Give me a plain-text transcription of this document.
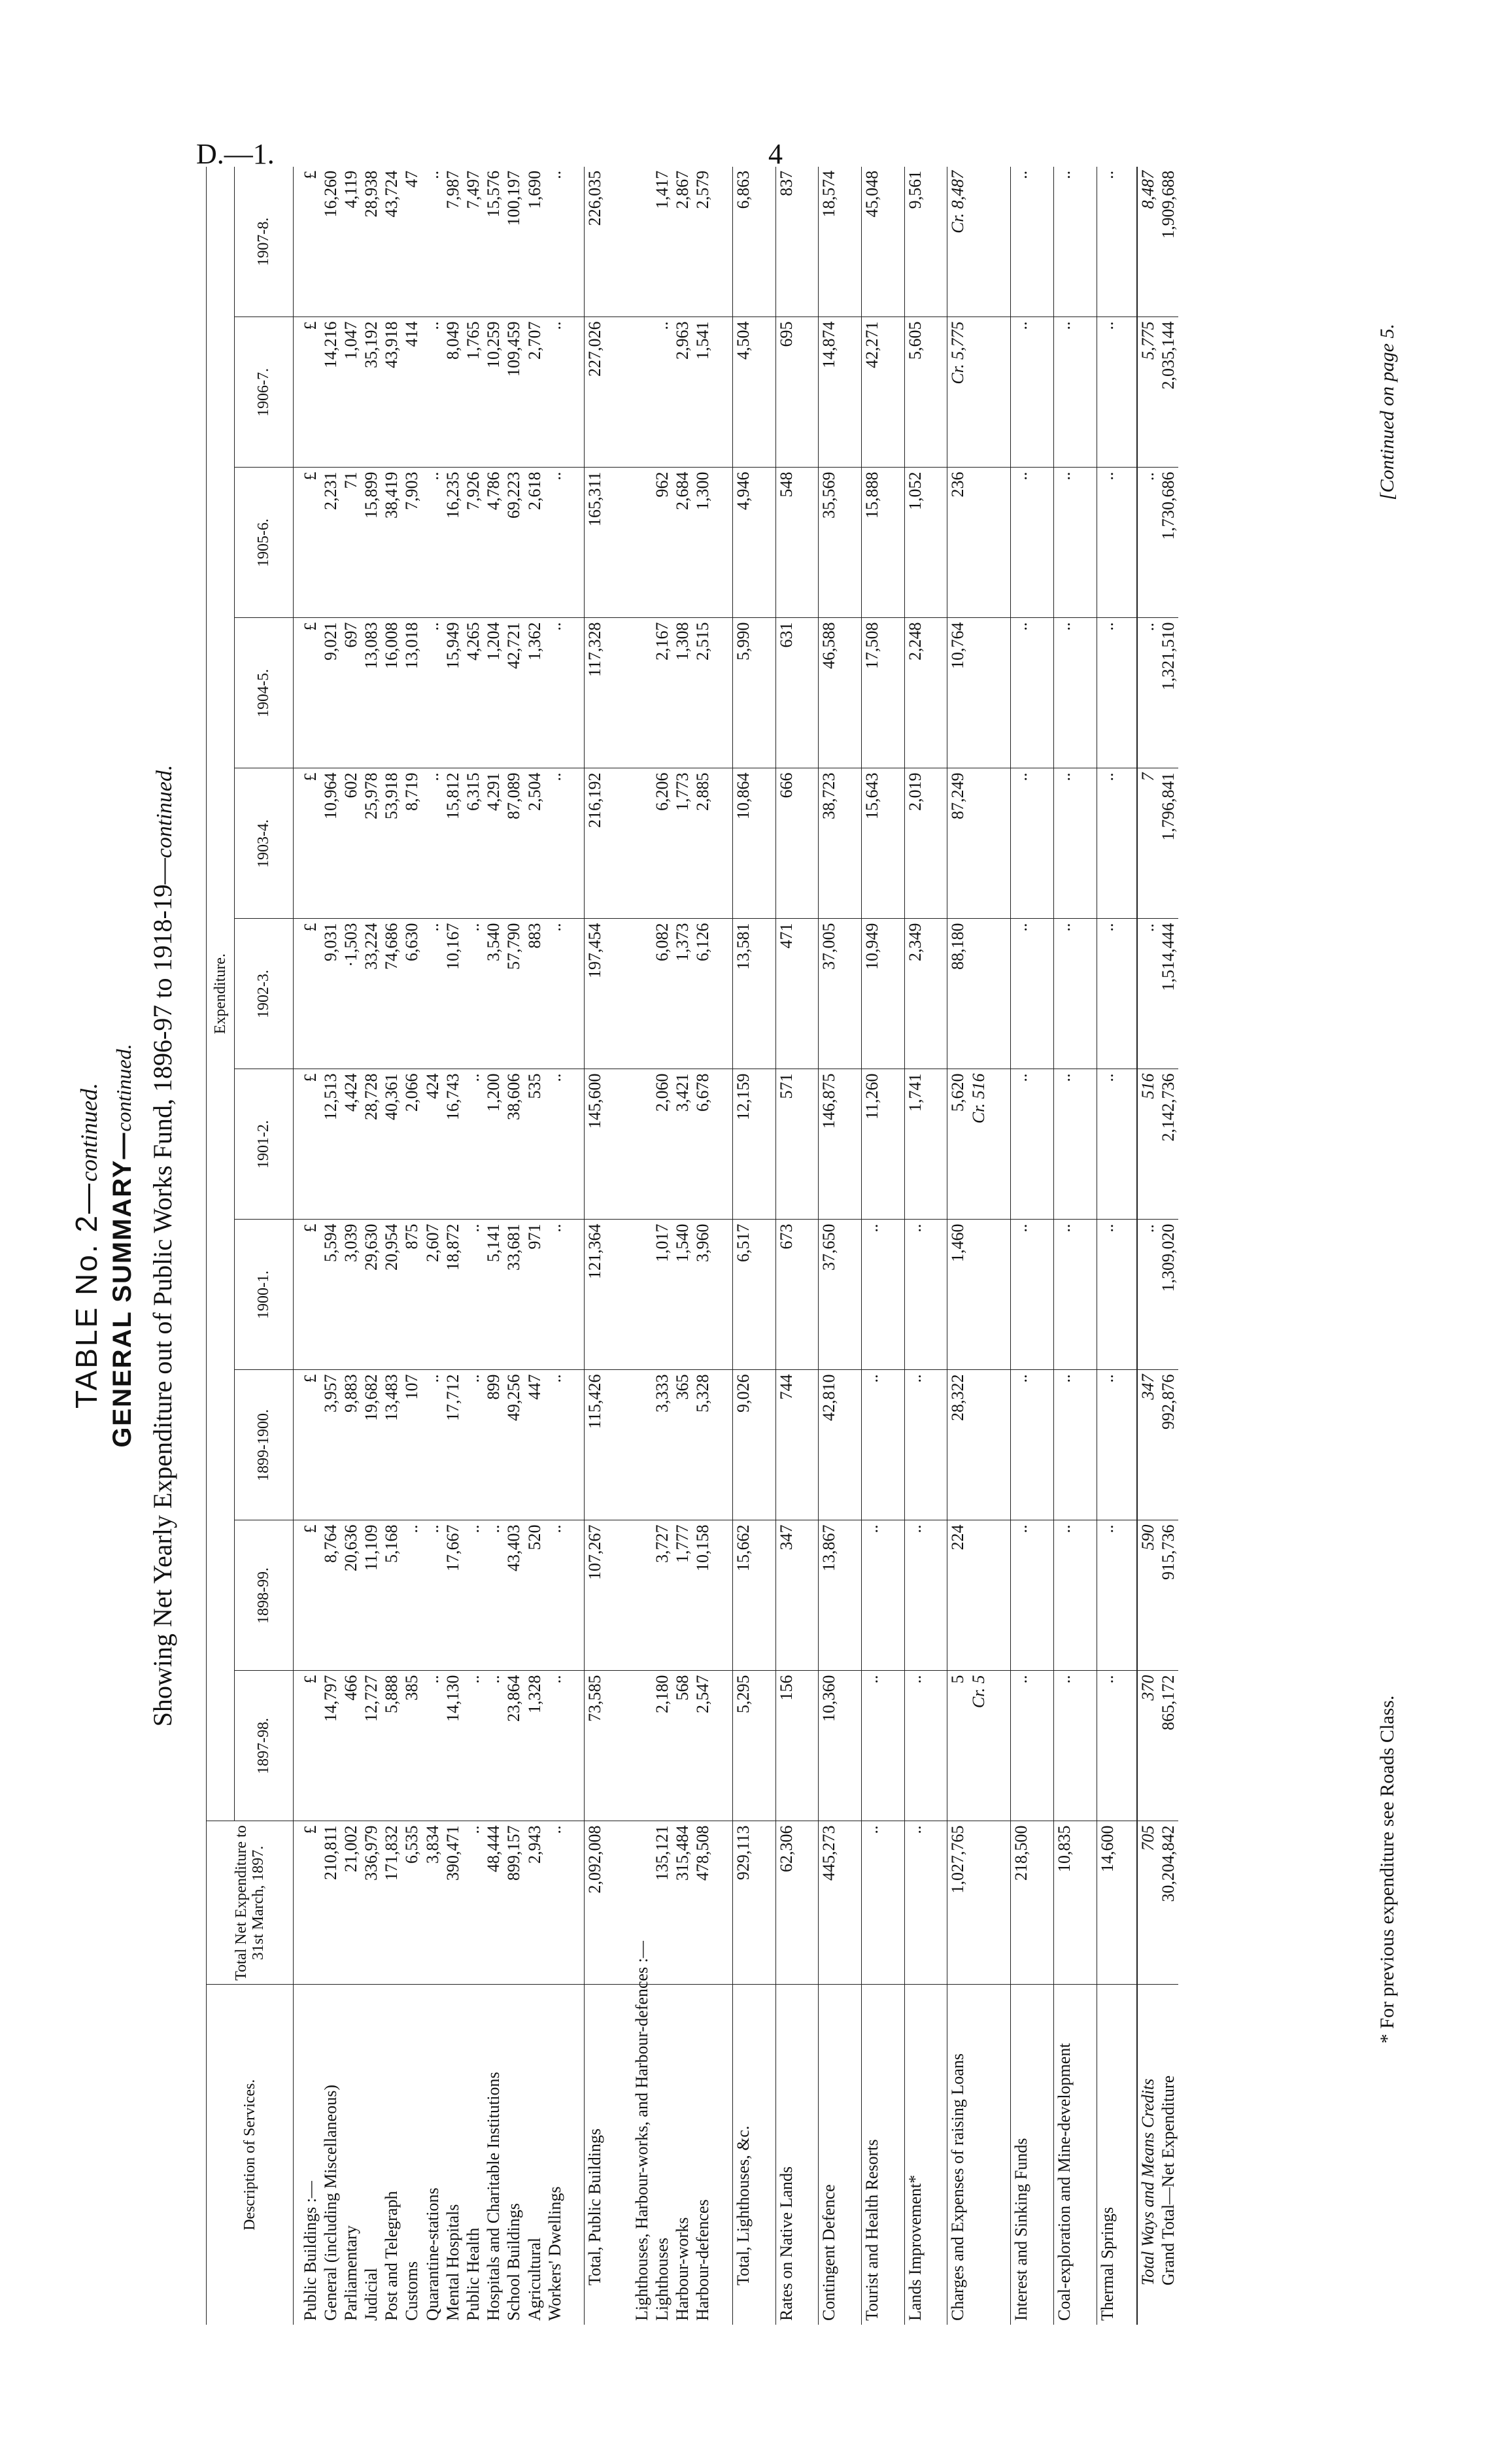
D.—1.	4
TABLE No. 2—continued. GENERAL SUMMARY—continued. Showing Net Yearly Expenditure out of Public Works Fund, 1896-97 to 1918-19—continued.
Description of Services.	Total Net Expenditure to 31st March, 1897.	Expenditure.										
		1897-98.	1898-99.	1899-1900.	1900-1.	1901-2.	1902-3.	1903-4.	1904-5.	1905-6.	1906-7.	1907-8.

Public Buildings :—	£	£	£	£	£	£	£	£	£	£	£	£
General (including Miscellaneous)	210,811	14,797	8,764	3,957	5,594	12,513	9,031	10,964	9,021	2,231	14,216	16,260
Parliamentary	21,002	466	20,636	9,883	3,039	4,424	·1,503	602	697	71	1,047	4,119
Judicial	336,979	12,727	11,109	19,682	29,630	28,728	33,224	25,978	13,083	15,899	35,192	28,938
Post and Telegraph	171,832	5,888	5,168	13,483	20,954	40,361	74,686	53,918	16,008	38,419	43,918	43,724
Customs	6,535	385	..	107	875	2,066	6,630	8,719	13,018	7,903	414	47
Quarantine-stations	3,834	..	..	..	2,607	424	..	..	..	..	..	..
Mental Hospitals	390,471	14,130	17,667	17,712	18,872	16,743	10,167	15,812	15,949	16,235	8,049	7,987
Public Health	..	..	..	..	..	..	..	6,315	4,265	7,926	1,765	7,497
Hospitals and Charitable Institutions	48,444	..	..	899	5,141	1,200	3,540	4,291	1,204	4,786	10,259	15,576
School Buildings	899,157	23,864	43,403	49,256	33,681	38,606	57,790	87,089	42,721	69,223	109,459	100,197
Agricultural	2,943	1,328	520	447	971	535	883	2,504	1,362	2,618	2,707	1,690
Workers' Dwellings	..	..	..	..	..	..	..	..	..	..	..	..

Total, Public Buildings	2,092,008	73,585	107,267	115,426	121,364	145,600	197,454	216,192	117,328	165,311	227,026	226,035

Lighthouses, Harbour-works, and Harbour-defences :—												
Lighthouses	135,121	2,180	3,727	3,333	1,017	2,060	6,082	6,206	2,167	962	..	1,417
Harbour-works	315,484	568	1,777	365	1,540	3,421	1,373	1,773	1,308	2,684	2,963	2,867
Harbour-defences	478,508	2,547	10,158	5,328	3,960	6,678	6,126	2,885	2,515	1,300	1,541	2,579

Total, Lighthouses, &c.	929,113	5,295	15,662	9,026	6,517	12,159	13,581	10,864	5,990	4,946	4,504	6,863

Rates on Native Lands	62,306	156	347	744	673	571	471	666	631	548	695	837

Contingent Defence	445,273	10,360	13,867	42,810	37,650	146,875	37,005	38,723	46,588	35,569	14,874	18,574

Tourist and Health Resorts	..	..	..	..	..	11,260	10,949	15,643	17,508	15,888	42,271	45,048

Lands Improvement*	..	..	..	..	..	1,741	2,349	2,019	2,248	1,052	5,605	9,561

Charges and Expenses of raising Loans	1,027,765	5 Cr. 5	224	28,322	1,460	5,620 Cr. 516	88,180	87,249	10,764	236	Cr. 5,775	Cr. 8,487

Interest and Sinking Funds	218,500	..	..	..	..	..	..	..	..	..	..	..

Coal-exploration and Mine-development	10,835	..	..	..	..	..	..	..	..	..	..	..

Thermal Springs	14,600	..	..	..	..	..	..	..	..	..	..	..

Total Ways and Means Credits	705	370	590	347	..	516	..	7	..	..	5,775	8,487
Grand Total—Net Expenditure	30,204,842	865,172	915,736	992,876	1,309,020	2,142,736	1,514,444	1,796,841	1,321,510	1,730,686	2,035,144	1,909,688
* For previous expenditure see Roads Class.
[Continued on page 5.
